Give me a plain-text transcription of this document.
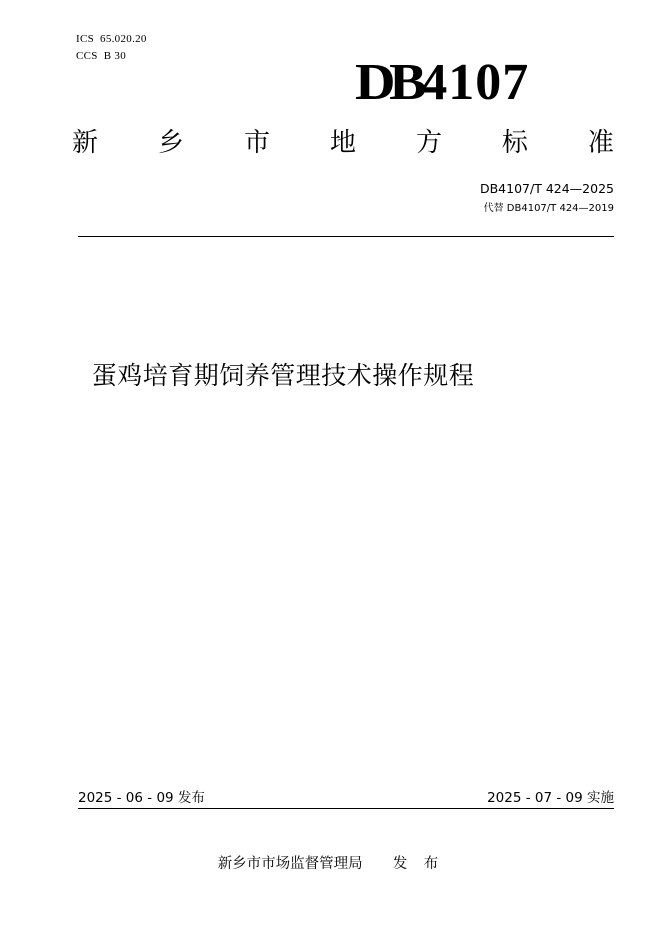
ICS 65.020.20
CCS B 30	DB4107
新 乡 市 地 方 标 准
DB4107/T 424—2025
代替 DB4107/T 424—2019
蛋鸡培育期饲养管理技术操作规程
2025 - 06 - 09 发布	2025 - 07 - 09 实施
新乡市市场监督管理局 发 布
